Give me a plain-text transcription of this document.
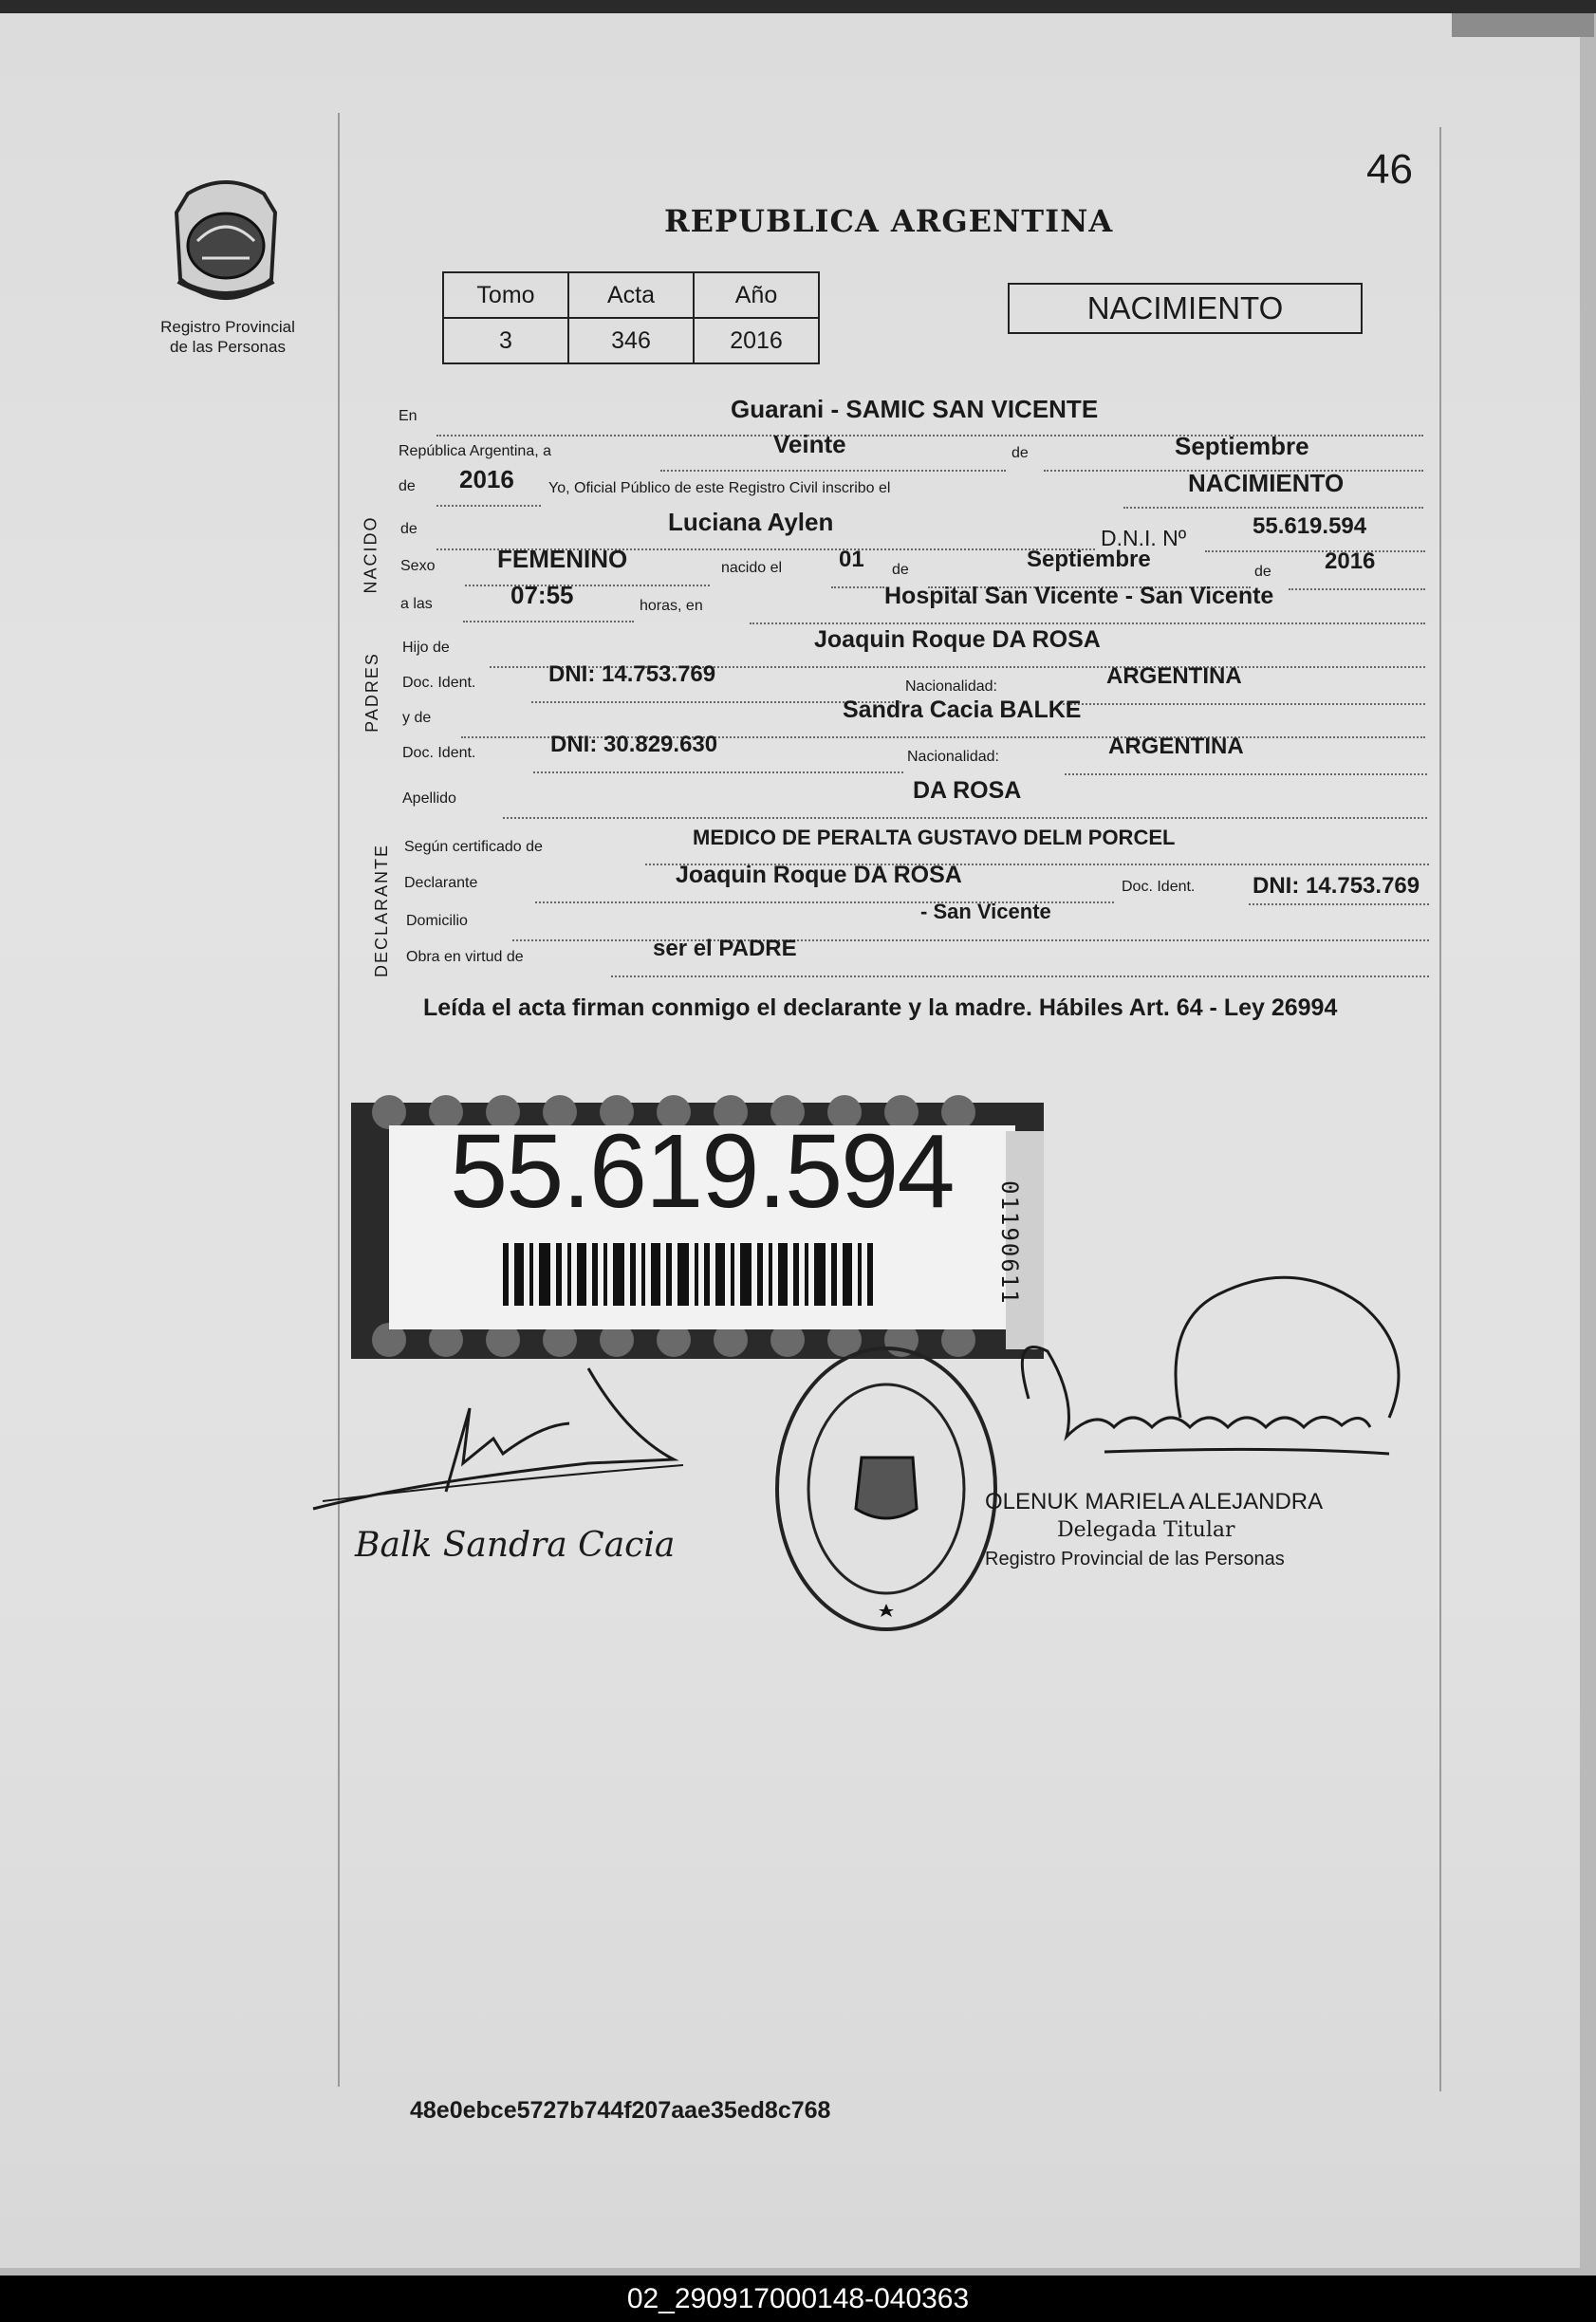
46
Registro Provincial
de las Personas
REPUBLICA ARGENTINA
Tomo	Acta	Año
3	346	2016
NACIMIENTO
NACIDO
PADRES
DECLARANTE
En	Guarani - SAMIC SAN VICENTE
República Argentina, a	Veinte	de	Septiembre
de 2016 Yo, Oficial Público de este Registro Civil inscribo el	NACIMIENTO
de	Luciana Aylen
D.N.I. Nº	55.619.594
Sexo	FEMENINO	nacido el 01 de	Septiembre	de 2016
a las	07:55	horas, en	Hospital San Vicente - San Vicente
Hijo de	Joaquin Roque DA ROSA
Doc. Ident.	DNI: 14.753.769	Nacionalidad:	ARGENTINA
y de	Sandra Cacia BALKE
Doc. Ident.	DNI: 30.829.630	Nacionalidad:	ARGENTINA
Apellido	DA ROSA
Según certificado de	MEDICO DE PERALTA GUSTAVO DELM PORCEL
Declarante	Joaquin Roque DA ROSA	Doc. Ident.	DNI: 14.753.769
Domicilio	- San Vicente
Obra en virtud de	ser el PADRE
Leída el acta firman conmigo el declarante y la madre. Hábiles Art. 64 - Ley 26994
55.619.594
01190611
Balk Sandra Cacia
OLENUK MARIELA ALEJANDRA
Delegada Titular
Registro Provincial de las Personas
48e0ebce5727b744f207aae35ed8c768
02_290917000148-040363
